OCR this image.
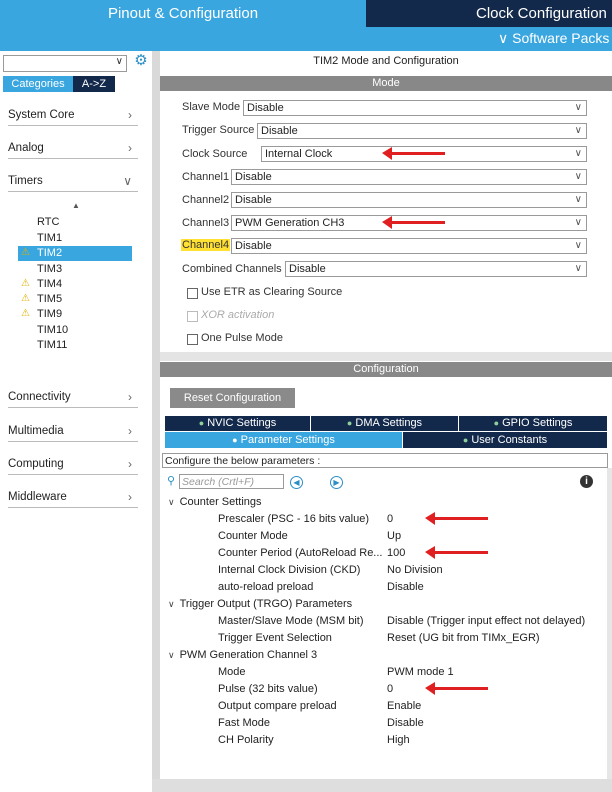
Pinout & Configuration	Clock Configuration
∨ Software Packs
∨ ⚙
Categories	A->Z
System Core	›
Analog	›
Timers	∨
▲
RTC
TIM1
⚠ TIM2
TIM3
⚠ TIM4
⚠ TIM5
⚠ TIM9
TIM10
TIM11
Connectivity	›
Multimedia	›
Computing	›
Middleware	›
TIM2 Mode and Configuration
Mode
Slave Mode Disable	∨
Trigger Source Disable	∨
Clock Source	Internal Clock	∨
Channel1 Disable	∨
Channel2 Disable	∨
Channel3 PWM Generation CH3	∨
Channel4 Disable	∨
Combined Channels Disable	∨
Use ETR as Clearing Source
XOR activation
One Pulse Mode
Configuration
Reset Configuration
● NVIC Settings	● DMA Settings	● GPIO Settings
● Parameter Settings	● User Constants
Configure the below parameters :
⚲ Search (Crtl+F)	◀	▶	i
∨ Counter Settings
Prescaler (PSC - 16 bits value) 0
Counter Mode	Up
Counter Period (AutoReload Re... 100
Internal Clock Division (CKD) No Division
auto-reload preload	Disable
∨ Trigger Output (TRGO) Parameters
Master/Slave Mode (MSM bit) Disable (Trigger input effect not delayed)
Trigger Event Selection	Reset (UG bit from TIMx_EGR)
∨ PWM Generation Channel 3
Mode	PWM mode 1
Pulse (32 bits value)	0
Output compare preload	Enable
Fast Mode	Disable
CH Polarity	High
